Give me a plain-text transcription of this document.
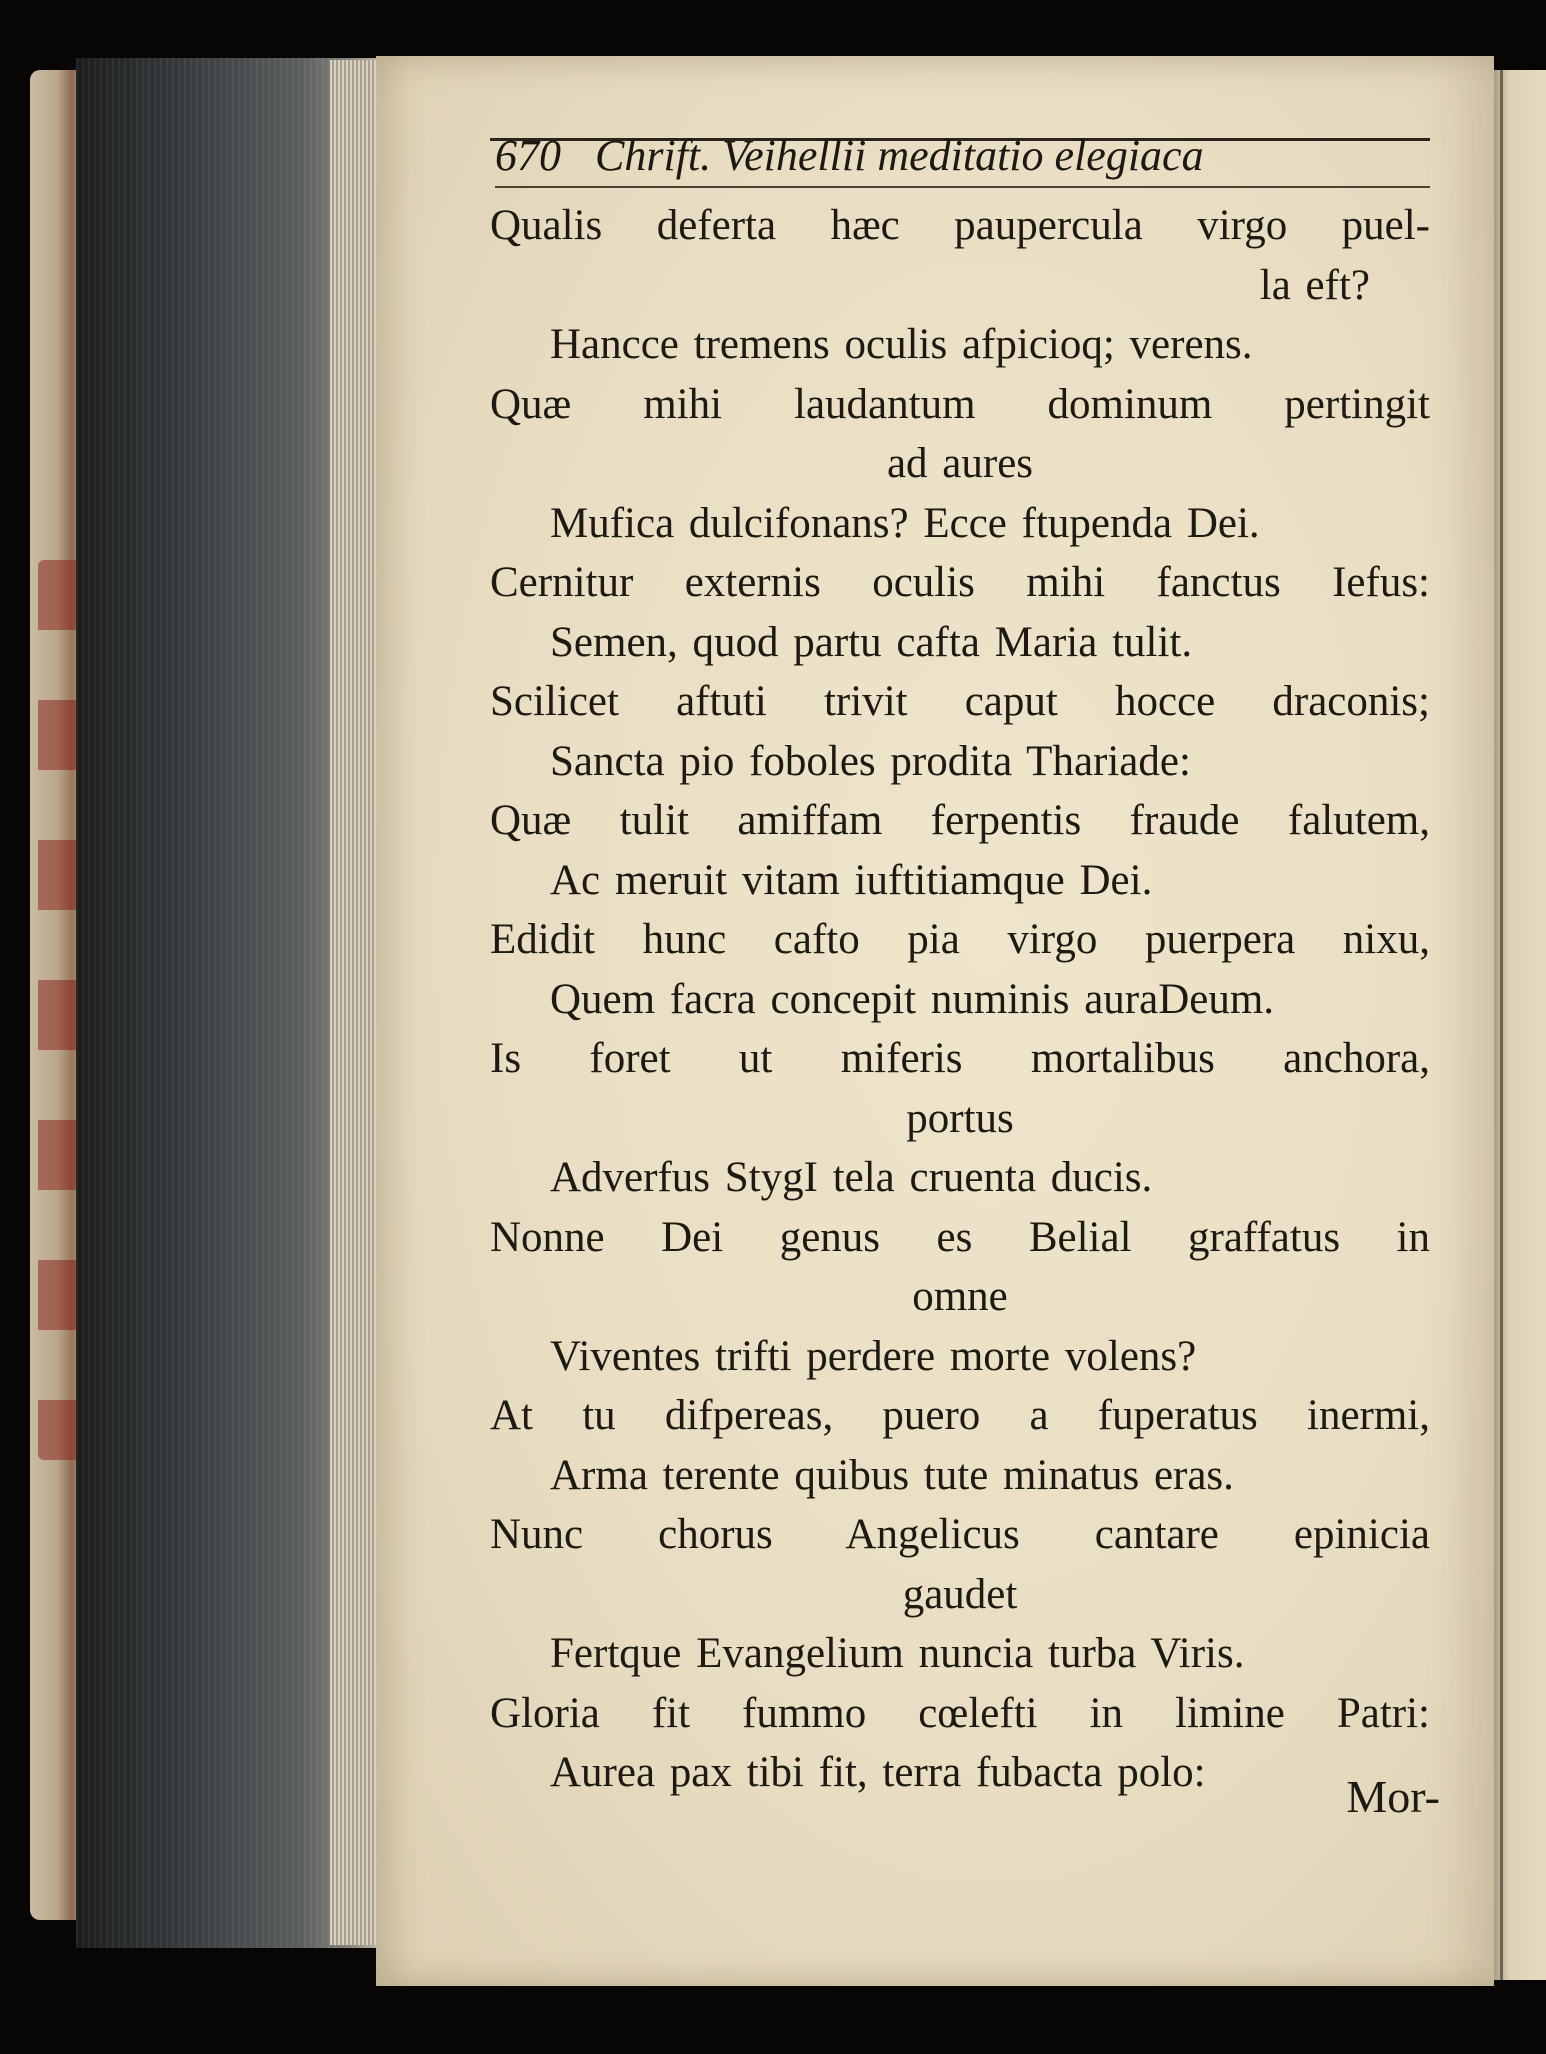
670 Chrift. Veihellii meditatio elegiaca
Qualis deferta hæc paupercula virgo puel-
la eft?
Hancce tremens oculis afpicioq; verens.
Quæ mihi laudantum dominum pertingit
ad aures
Mufica dulcifonans? Ecce ftupenda Dei.
Cernitur externis oculis mihi fanctus Iefus:
Semen, quod partu cafta Maria tulit.
Scilicet aftuti trivit caput hocce draconis;
Sancta pio foboles prodita Thariade:
Quæ tulit amiffam ferpentis fraude falutem,
Ac meruit vitam iuftitiamque Dei.
Edidit hunc cafto pia virgo puerpera nixu,
Quem facra concepit numinis auraDeum.
Is foret ut miferis mortalibus anchora,
portus
Adverfus StygI tela cruenta ducis.
Nonne Dei genus es Belial graffatus in
omne
Viventes trifti perdere morte volens?
At tu difpereas, puero a fuperatus inermi,
Arma terente quibus tute minatus eras.
Nunc chorus Angelicus cantare epinicia
gaudet
Fertque Evangelium nuncia turba Viris.
Gloria fit fummo cœlefti in limine Patri:
Aurea pax tibi fit, terra fubacta polo:	Mor-
